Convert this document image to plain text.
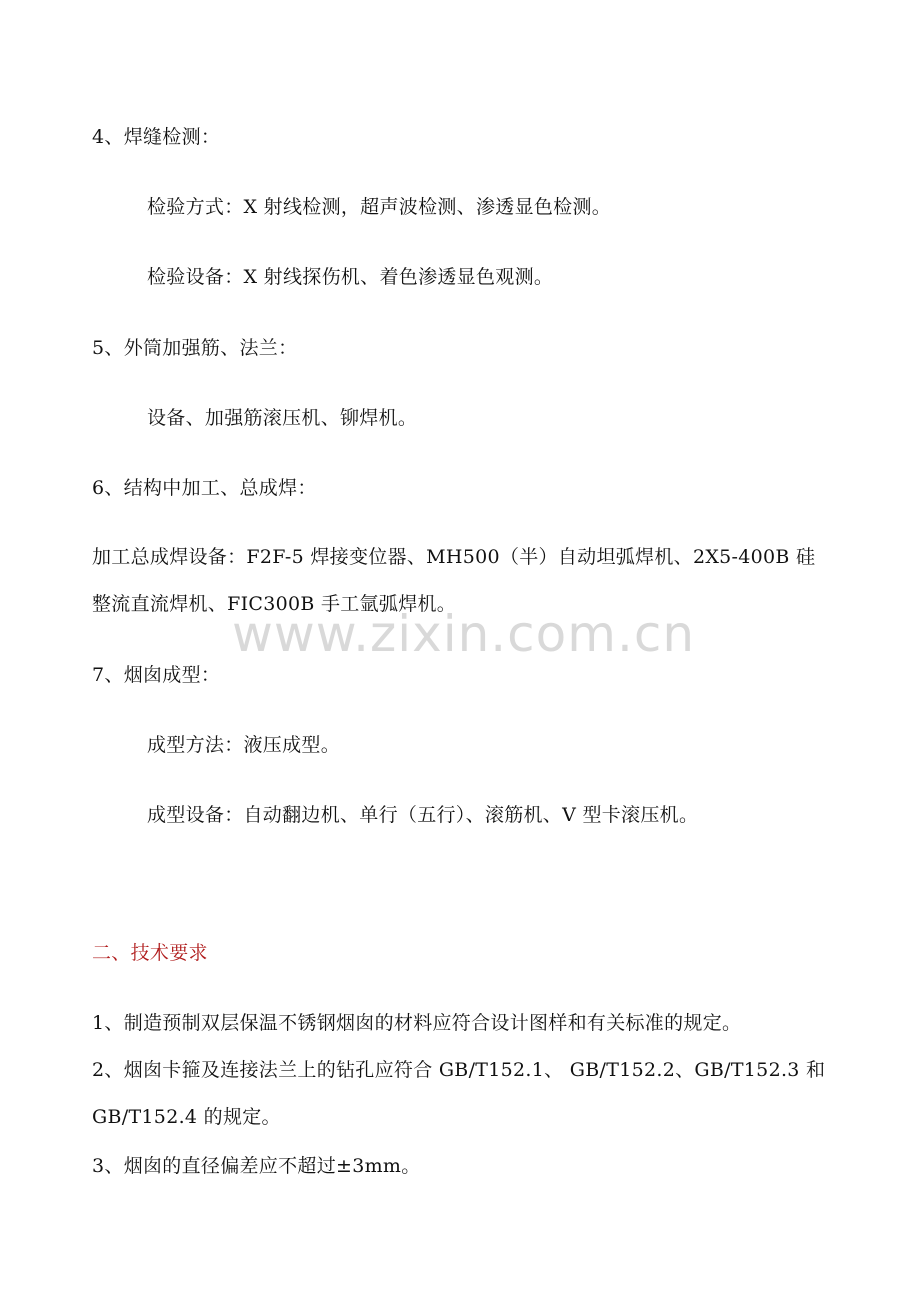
4、焊缝检测：
检验方式：X 射线检测，超声波检测、渗透显色检测。
检验设备：X 射线探伤机、着色渗透显色观测。
5、外筒加强筋、法兰：
设备、加强筋滚压机、铆焊机。
6、结构中加工、总成焊：
加工总成焊设备：F2F-5 焊接变位器、MH500（半）自动坦弧焊机、2X5-400B 硅
整流直流焊机、FIC300B 手工氩弧焊机。
7、烟囱成型：
成型方法：液压成型。
成型设备：自动翻边机、单行（五行）、滚筋机、V 型卡滚压机。
二、技术要求
1、制造预制双层保温不锈钢烟囱的材料应符合设计图样和有关标准的规定。
2、烟囱卡箍及连接法兰上的钻孔应符合 GB/T152.1、 GB/T152.2、GB/T152.3 和
GB/T152.4 的规定。
3、烟囱的直径偏差应不超过±3mm。
www.zixin.com.cn
